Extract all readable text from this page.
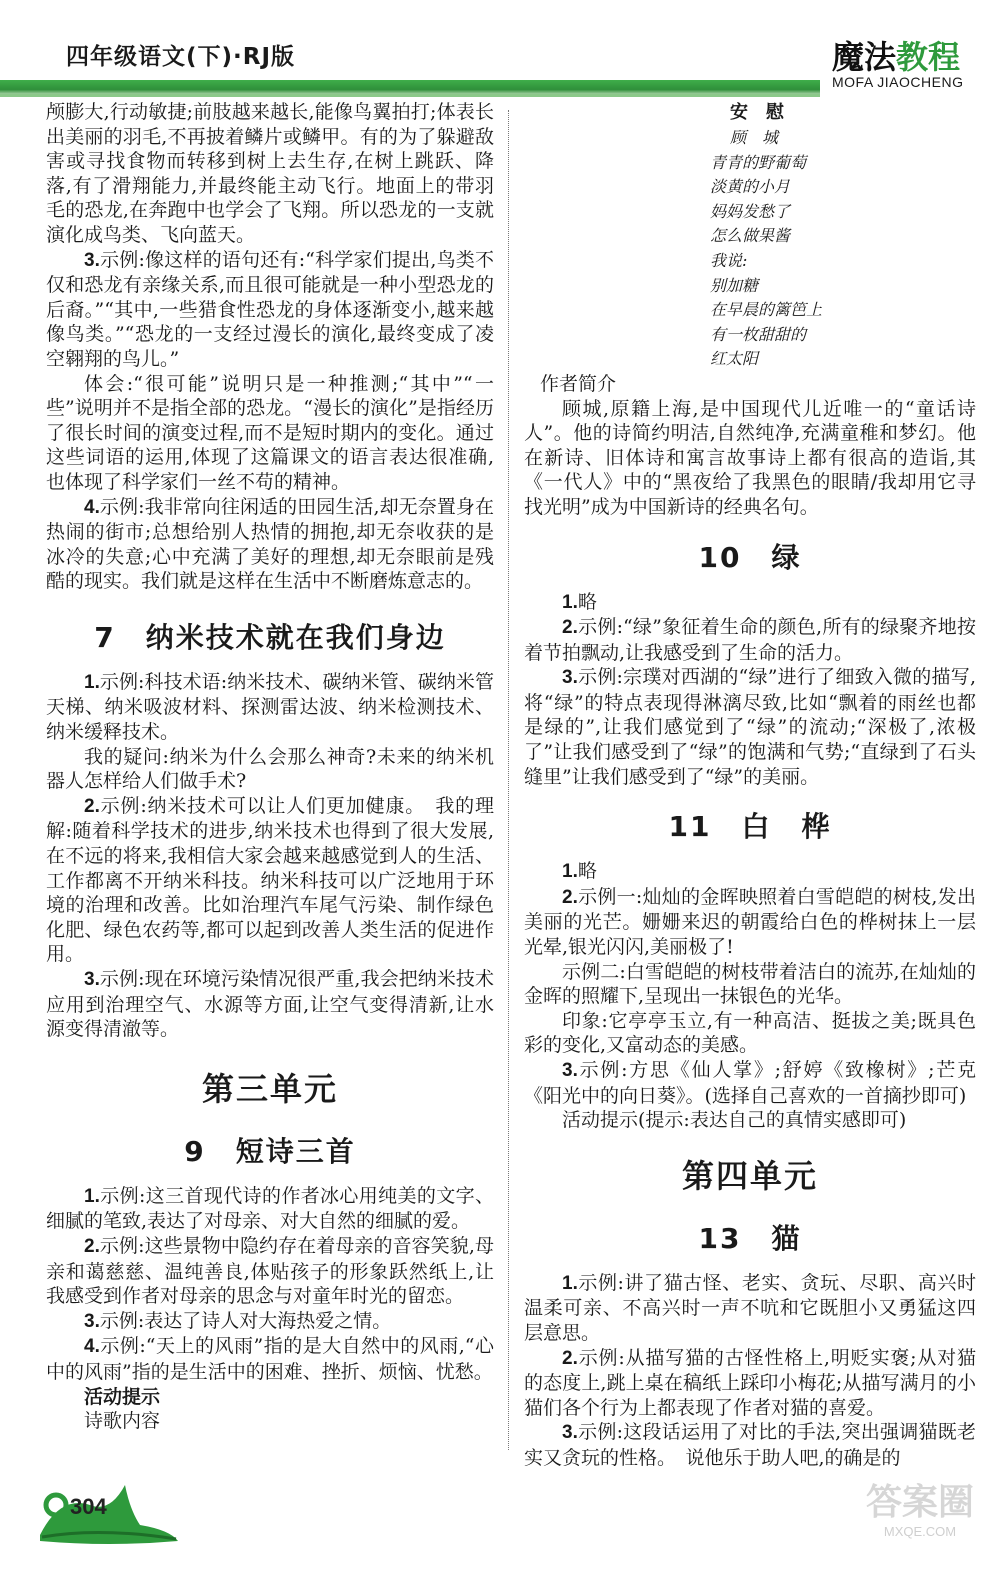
四年级语文(下)·RJ版	魔法教程
MOFA JIAOCHENG

颅膨大,行动敏捷;前肢越来越长,能像鸟翼拍打;体表长出美丽的羽毛,不再披着鳞片或鳞甲。有的为了躲避敌害或寻找食物而转移到树上去生存,在树上跳跃、降落,有了滑翔能力,并最终能主动飞行。地面上的带羽毛的恐龙,在奔跑中也学会了飞翔。所以恐龙的一支就演化成鸟类、飞向蓝天。

3.示例:像这样的语句还有:“科学家们提出,鸟类不仅和恐龙有亲缘关系,而且很可能就是一种小型恐龙的后裔。”“其中,一些猎食性恐龙的身体逐渐变小,越来越像鸟类。”“恐龙的一支经过漫长的演化,最终变成了凌空翱翔的鸟儿。”

体会:“很可能”说明只是一种推测;“其中”“一些”说明并不是指全部的恐龙。“漫长的演化”是指经历了很长时间的演变过程,而不是短时期内的变化。通过这些词语的运用,体现了这篇课文的语言表达很准确,也体现了科学家们一丝不苟的精神。

4.示例:我非常向往闲适的田园生活,却无奈置身在热闹的街市;总想给别人热情的拥抱,却无奈收获的是冰冷的失意;心中充满了美好的理想,却无奈眼前是残酷的现实。我们就是这样在生活中不断磨炼意志的。

7　纳米技术就在我们身边

1.示例:科技术语:纳米技术、碳纳米管、碳纳米管天梯、纳米吸波材料、探测雷达波、纳米检测技术、纳米缓释技术。

我的疑问:纳米为什么会那么神奇?未来的纳米机器人怎样给人们做手术?

2.示例:纳米技术可以让人们更加健康。　我的理解:随着科学技术的进步,纳米技术也得到了很大发展,在不远的将来,我相信大家会越来越感觉到人的生活、工作都离不开纳米科技。纳米科技可以广泛地用于环境的治理和改善。比如治理汽车尾气污染、制作绿色化肥、绿色农药等,都可以起到改善人类生活的促进作用。

3.示例:现在环境污染情况很严重,我会把纳米技术应用到治理空气、水源等方面,让空气变得清新,让水源变得清澈等。

第三单元
9　短诗三首

1.示例:这三首现代诗的作者冰心用纯美的文字、细腻的笔致,表达了对母亲、对大自然的细腻的爱。

2.示例:这些景物中隐约存在着母亲的音容笑貌,母亲和蔼慈慈、温纯善良,体贴孩子的形象跃然纸上,让我感受到作者对母亲的思念与对童年时光的留恋。

3.示例:表达了诗人对大海热爱之情。

4.示例:“天上的风雨”指的是大自然中的风雨,“心中的风雨”指的是生活中的困难、挫折、烦恼、忧愁。

活动提示

诗歌内容

安　慰
顾　城
青青的野葡萄
淡黄的小月
妈妈发愁了
怎么做果酱
我说:
别加糖
在早晨的篱笆上
有一枚甜甜的
红太阳

作者简介

顾城,原籍上海,是中国现代儿近唯一的“童话诗人”。他的诗简约明洁,自然纯净,充满童稚和梦幻。他在新诗、旧体诗和寓言故事诗上都有很高的造诣,其《一代人》中的“黑夜给了我黑色的眼睛/我却用它寻找光明”成为中国新诗的经典名句。

10　绿

1.略

2.示例:“绿”象征着生命的颜色,所有的绿聚齐地按着节拍飘动,让我感受到了生命的活力。

3.示例:宗璞对西湖的“绿”进行了细致入微的描写,将“绿”的特点表现得淋漓尽致,比如“飘着的雨丝也都是绿的”,让我们感觉到了“绿”的流动;“深极了,浓极了”让我们感受到了“绿”的饱满和气势;“直绿到了石头缝里”让我们感受到了“绿”的美丽。

11　白　桦

1.略

2.示例一:灿灿的金晖映照着白雪皑皑的树枝,发出美丽的光芒。姗姗来迟的朝霞给白色的桦树抹上一层光晕,银光闪闪,美丽极了!

示例二:白雪皑皑的树枝带着洁白的流苏,在灿灿的金晖的照耀下,呈现出一抹银色的光华。

印象:它亭亭玉立,有一种高洁、挺拔之美;既具色彩的变化,又富动态的美感。

3.示例:方思《仙人掌》;舒婷《致橡树》;芒克《阳光中的向日葵》。(选择自己喜欢的一首摘抄即可)

活动提示(提示:表达自己的真情实感即可)

第四单元
13　猫

1.示例:讲了猫古怪、老实、贪玩、尽职、高兴时温柔可亲、不高兴时一声不吭和它既胆小又勇猛这四层意思。

2.示例:从描写猫的古怪性格上,明贬实褒;从对猫的态度上,跳上桌在稿纸上踩印小梅花;从描写满月的小猫们各个行为上都表现了作者对猫的喜爱。

3.示例:这段话运用了对比的手法,突出强调猫既老实又贪玩的性格。　说他乐于助人吧,的确是的

304	答案圈
MXQE.COM
